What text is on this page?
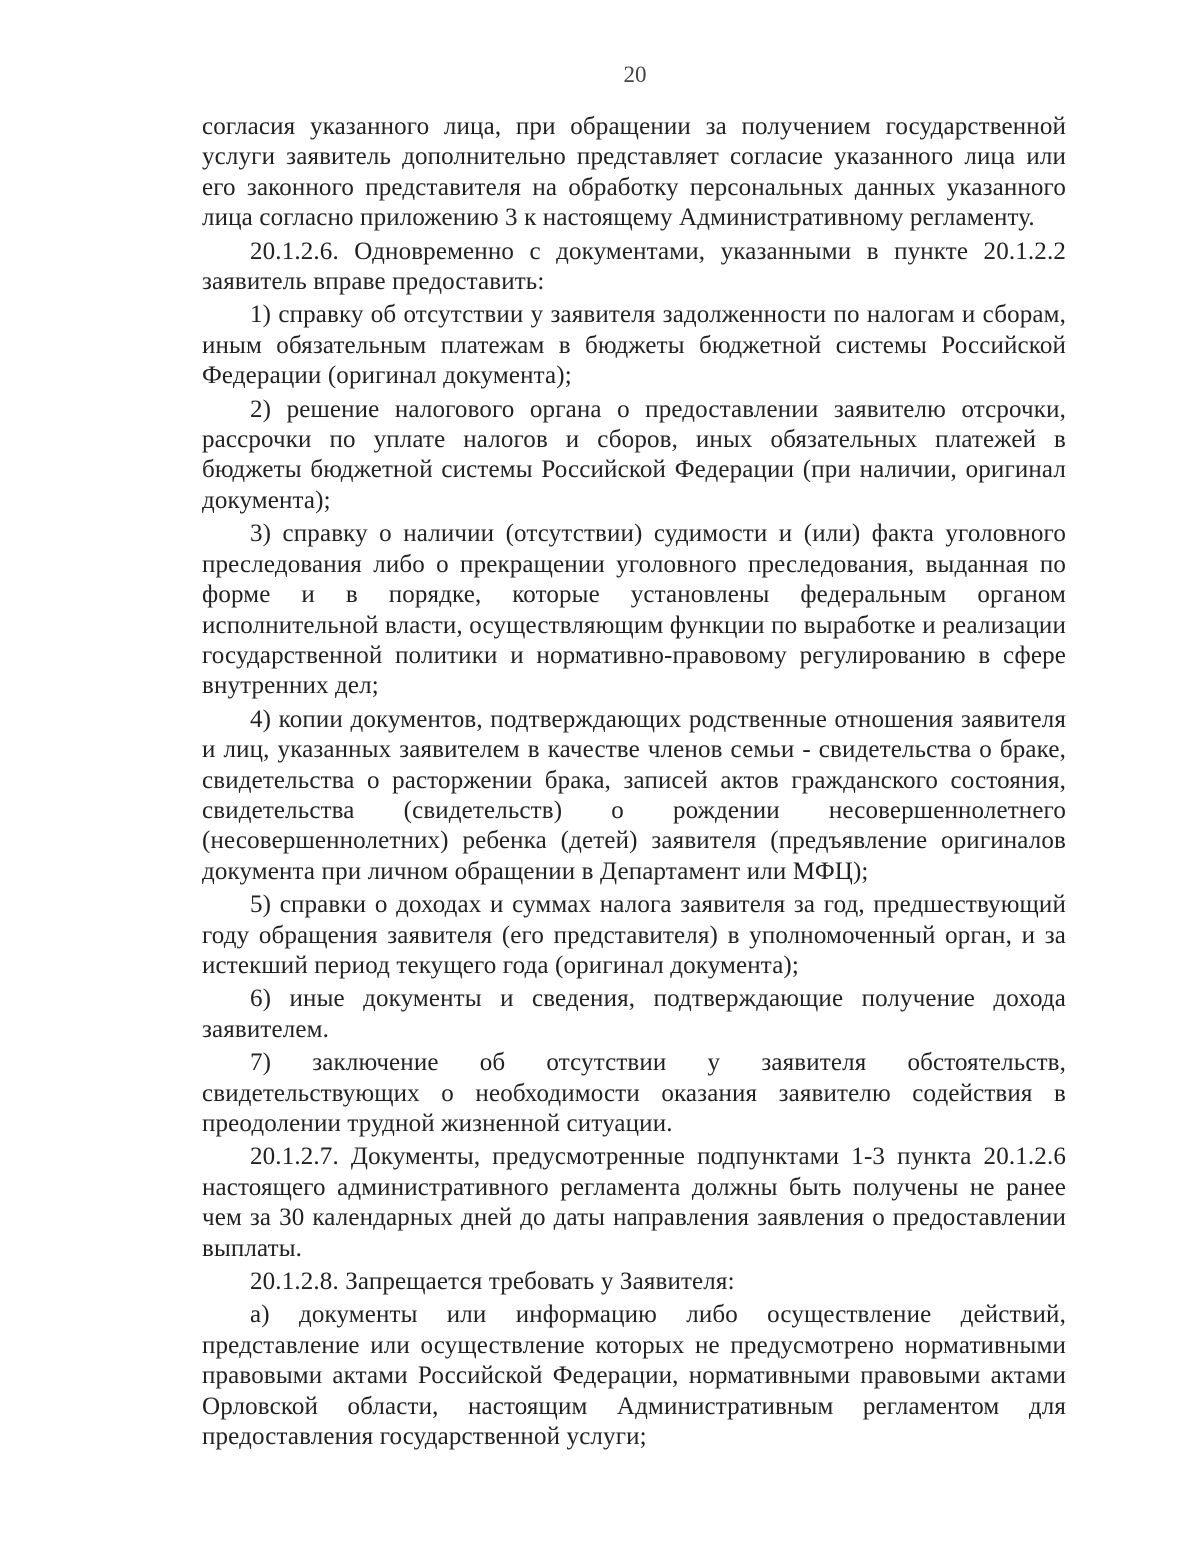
20

согласия указанного лица, при обращении за получением государственной услуги заявитель дополнительно представляет согласие указанного лица или его законного представителя на обработку персональных данных указанного лица согласно приложению 3 к настоящему Административному регламенту.

20.1.2.6. Одновременно с документами, указанными в пункте 20.1.2.2 заявитель вправе предоставить:

1) справку об отсутствии у заявителя задолженности по налогам и сборам, иным обязательным платежам в бюджеты бюджетной системы Российской Федерации (оригинал документа);

2) решение налогового органа о предоставлении заявителю отсрочки, рассрочки по уплате налогов и сборов, иных обязательных платежей в бюджеты бюджетной системы Российской Федерации (при наличии, оригинал документа);

3) справку о наличии (отсутствии) судимости и (или) факта уголовного преследования либо о прекращении уголовного преследования, выданная по форме и в порядке, которые установлены федеральным органом исполнительной власти, осуществляющим функции по выработке и реализации государственной политики и нормативно-правовому регулированию в сфере внутренних дел;

4) копии документов, подтверждающих родственные отношения заявителя и лиц, указанных заявителем в качестве членов семьи - свидетельства о браке, свидетельства о расторжении брака, записей актов гражданского состояния, свидетельства (свидетельств) о рождении несовершеннолетнего (несовершеннолетних) ребенка (детей) заявителя (предъявление оригиналов документа при личном обращении в Департамент или МФЦ);

5) справки о доходах и суммах налога заявителя за год, предшествующий году обращения заявителя (его представителя) в уполномоченный орган, и за истекший период текущего года (оригинал документа);

6) иные документы и сведения, подтверждающие получение дохода заявителем.

7) заключение об отсутствии у заявителя обстоятельств, свидетельствующих о необходимости оказания заявителю содействия в преодолении трудной жизненной ситуации.

20.1.2.7. Документы, предусмотренные подпунктами 1-3 пункта 20.1.2.6 настоящего административного регламента должны быть получены не ранее чем за 30 календарных дней до даты направления заявления о предоставлении выплаты.

20.1.2.8. Запрещается требовать у Заявителя:

а) документы или информацию либо осуществление действий, представление или осуществление которых не предусмотрено нормативными правовыми актами Российской Федерации, нормативными правовыми актами Орловской области, настоящим Административным регламентом для предоставления государственной услуги;
